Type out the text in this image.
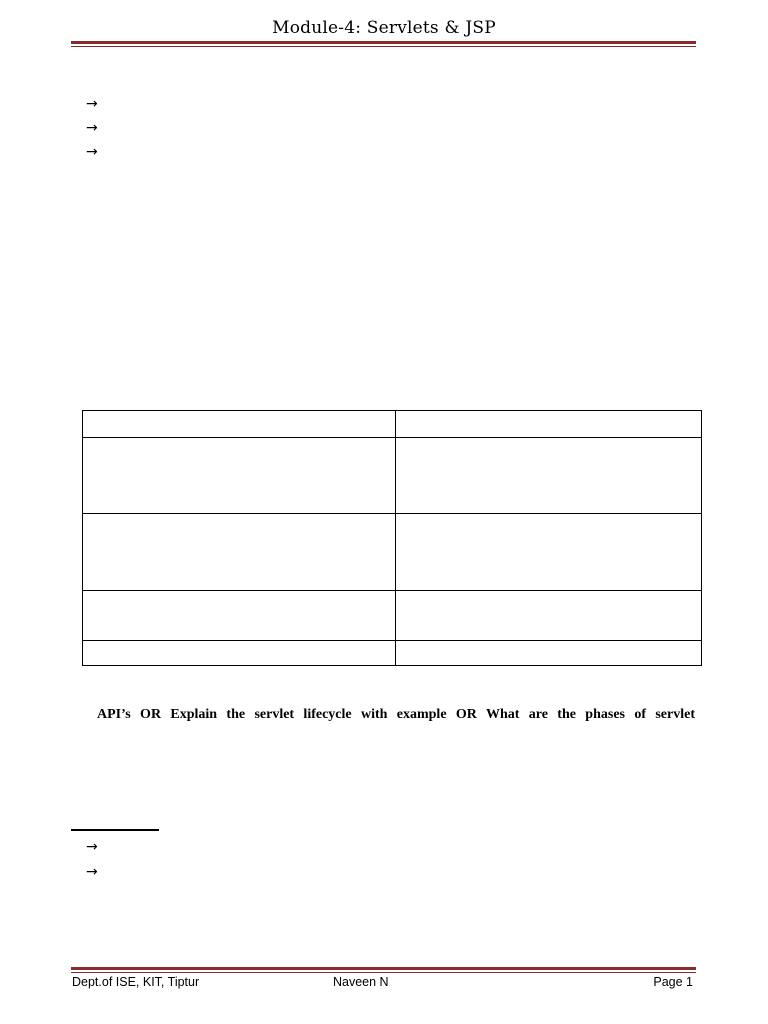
Module-4: Servlets & JSP
→
→
→

API’s OR Explain the servlet lifecycle with example OR What are the phases of servlet
→
→
Dept.of ISE, KIT, Tiptur	Naveen N	Page 1
